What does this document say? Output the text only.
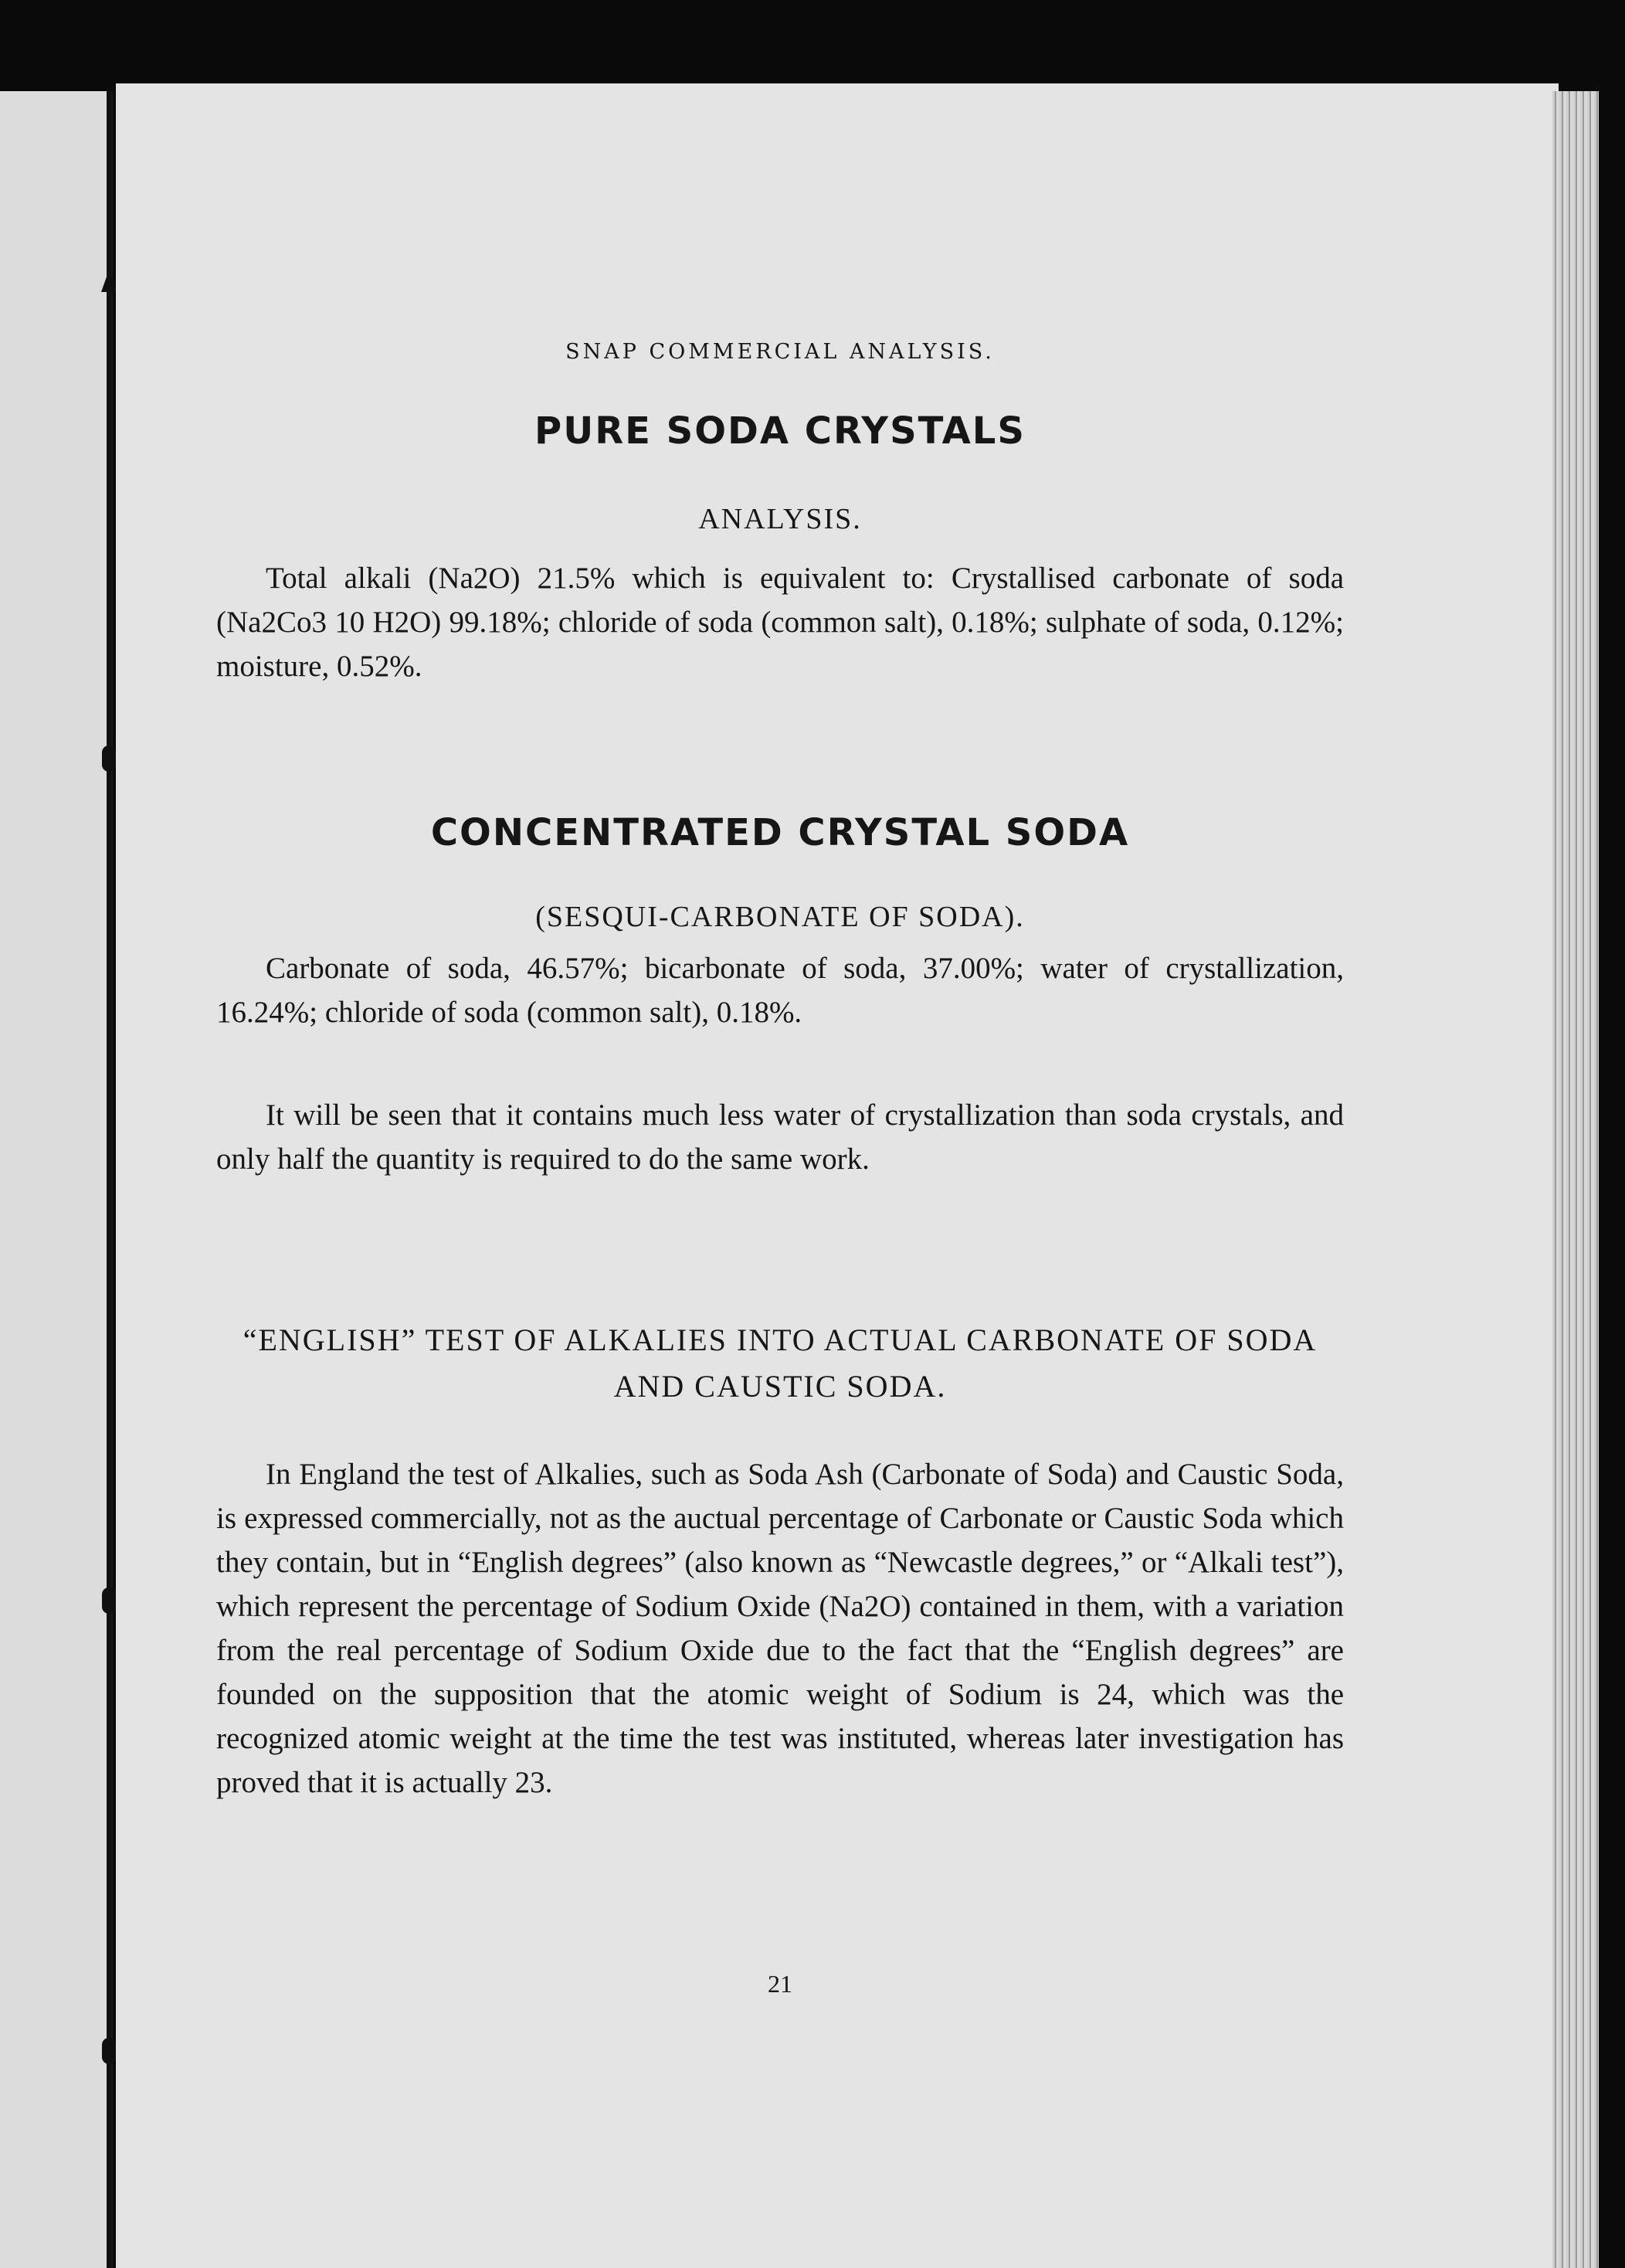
SNAP COMMERCIAL ANALYSIS.
PURE SODA CRYSTALS
ANALYSIS.
Total alkali (Na2O) 21.5% which is equivalent to: Crystallised carbonate of soda (Na2Co3 10 H2O) 99.18%; chloride of soda (common salt), 0.18%; sulphate of soda, 0.12%; moisture, 0.52%.
CONCENTRATED CRYSTAL SODA
(SESQUI-CARBONATE OF SODA).
Carbonate of soda, 46.57%; bicarbonate of soda, 37.00%; water of crystallization, 16.24%; chloride of soda (common salt), 0.18%.
It will be seen that it contains much less water of crystallization than soda crystals, and only half the quantity is required to do the same work.
“ENGLISH” TEST OF ALKALIES INTO ACTUAL CARBONATE OF SODA AND CAUSTIC SODA.
In England the test of Alkalies, such as Soda Ash (Carbonate of Soda) and Caustic Soda, is expressed commercially, not as the auctual percentage of Carbonate or Caustic Soda which they contain, but in “English degrees” (also known as “Newcastle degrees,” or “Alkali test”), which represent the percentage of Sodium Oxide (Na2O) contained in them, with a variation from the real percentage of Sodium Oxide due to the fact that the “English degrees” are founded on the supposition that the atomic weight of Sodium is 24, which was the recognized atomic weight at the time the test was instituted, whereas later investigation has proved that it is actually 23.
21
